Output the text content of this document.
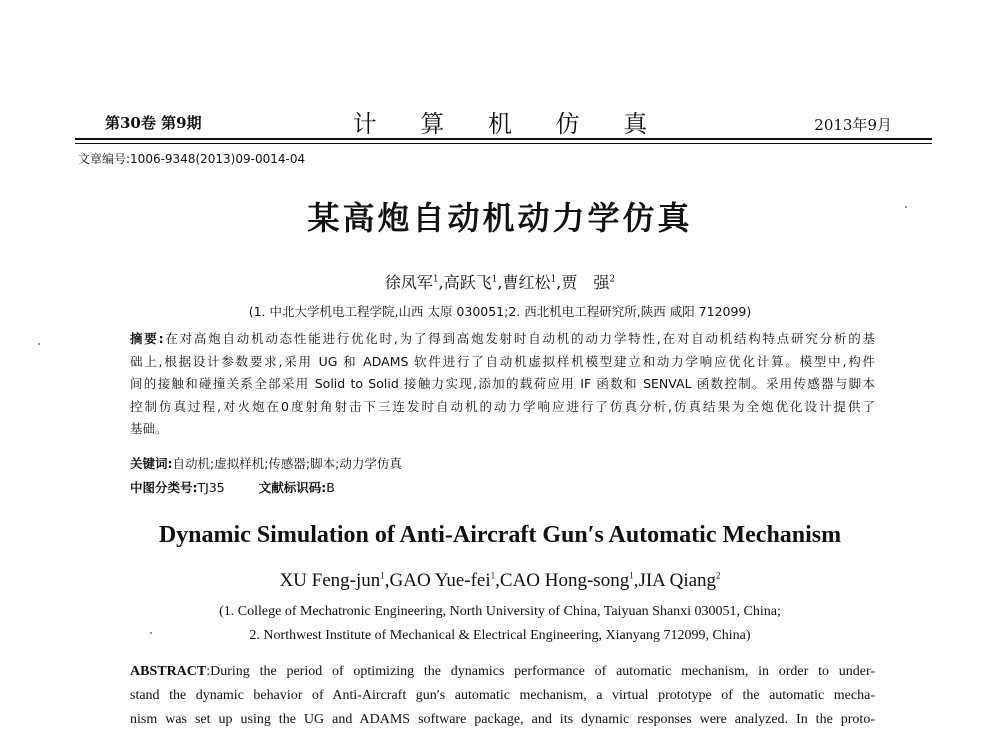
第30卷 第9期	计 算 机 仿 真	2013年9月
文章编号:1006-9348(2013)09-0014-04
某高炮自动机动力学仿真
徐凤军$^1$,高跃飞$^1$,曹红松$^1$,贾　强$^2$
(1. 中北大学机电工程学院,山西 太原 030051;2. 西北机电工程研究所,陕西 咸阳 712099)
摘要:在对高炮自动机动态性能进行优化时,为了得到高炮发射时自动机的动力学特性,在对自动机结构特点研究分析的基
础上,根据设计参数要求,采用 UG 和 ADAMS 软件进行了自动机虚拟样机模型建立和动力学响应优化计算。模型中,构件
间的接触和碰撞关系全部采用 Solid to Solid 接触力实现,添加的载荷应用 IF 函数和 SENVAL 函数控制。采用传感器与脚本
控制仿真过程,对火炮在0度射角射击下三连发时自动机的动力学响应进行了仿真分析,仿真结果为全炮优化设计提供了
基础。
关键词:自动机;虚拟样机;传感器;脚本;动力学仿真
中图分类号:TJ35	文献标识码:B
Dynamic Simulation of Anti-Aircraft Gun′s Automatic Mechanism
XU Feng-jun$^1$,GAO Yue-fei$^1$,CAO Hong-song$^1$,JIA Qiang$^2$
(1. College of Mechatronic Engineering, North University of China, Taiyuan Shanxi 030051, China;
2. Northwest Institute of Mechanical & Electrical Engineering, Xianyang 712099, China)
ABSTRACT:During the period of optimizing the dynamics performance of automatic mechanism, in order to under-
stand the dynamic behavior of Anti-Aircraft gun′s automatic mechanism, a virtual prototype of the automatic mecha-
nism was set up using the UG and ADAMS software package, and its dynamic responses were analyzed. In the proto-
